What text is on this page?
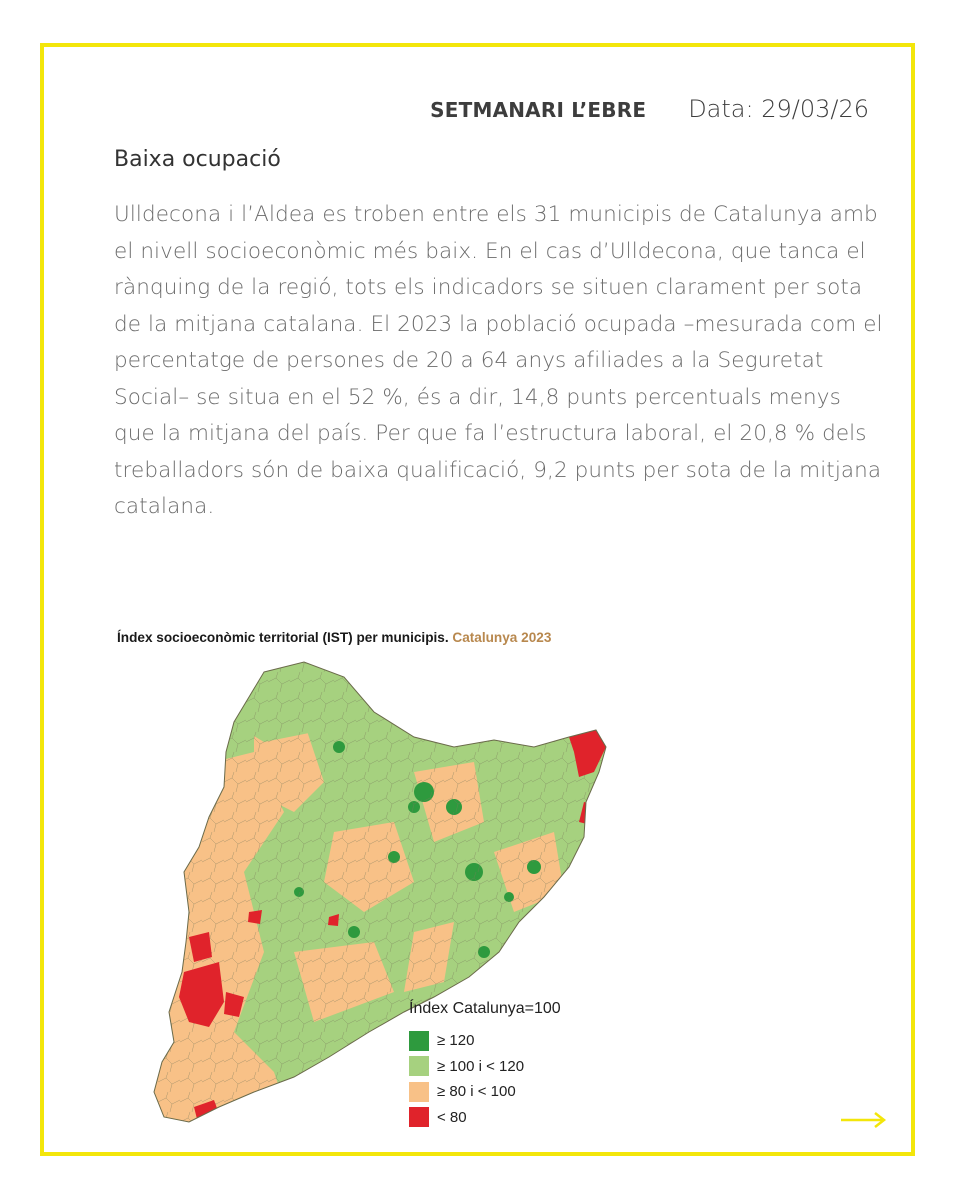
SETMANARI L’EBRE Data: 29/03/26
Baixa ocupació
Ulldecona i l’Aldea es troben entre els 31 municipis de Catalunya amb el nivell socioeconòmic més baix. En el cas d’Ulldecona, que tanca el rànquing de la regió, tots els indicadors se situen clarament per sota de la mitjana catalana. El 2023 la població ocupada –mesurada com el percentatge de persones de 20 a 64 anys afiliades a la Seguretat Social– se situa en el 52 %, és a dir, 14,8 punts percentuals menys que la mitjana del país. Per que fa l’estructura laboral, el 20,8 % dels treballadors són de baixa qualificació, 9,2 punts per sota de la mitjana catalana.
Índex socioeconòmic territorial (IST) per municipis. Catalunya 2023
Índex Catalunya=100
≥ 120
≥ 100 i < 120
≥ 80 i < 100
< 80
